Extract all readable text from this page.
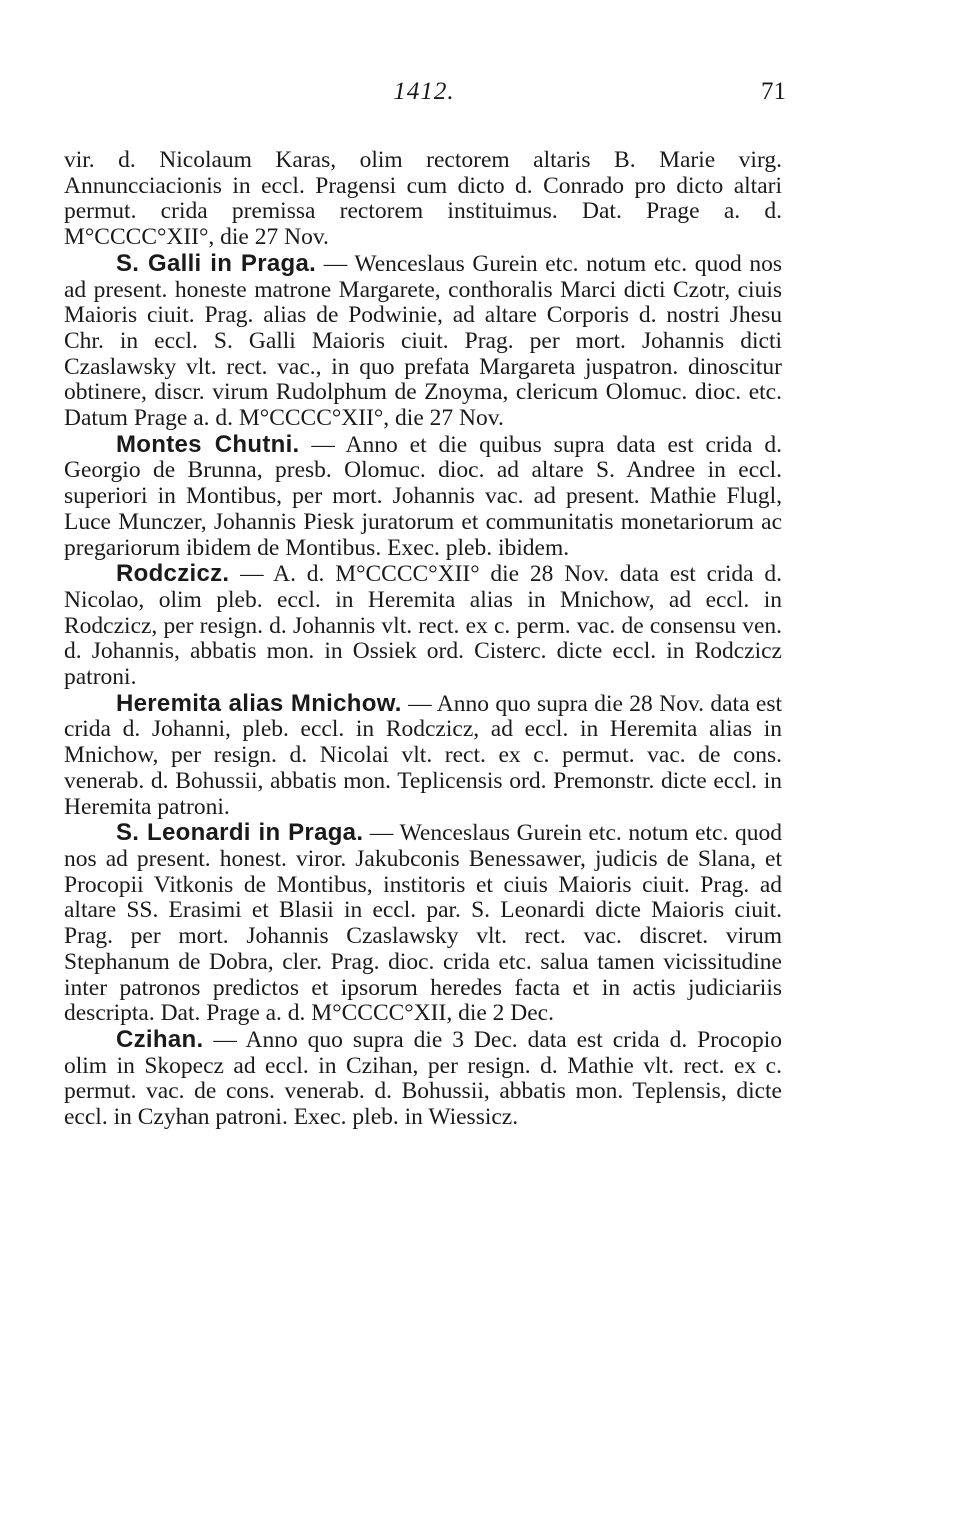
1412.	71

vir. d. Nicolaum Karas, olim rectorem altaris B. Marie virg. Annuncciacionis in eccl. Pragensi cum dicto d. Conrado pro dicto altari permut. crida premissa rectorem instituimus. Dat. Prage a. d. M°CCCC°XII°, die 27 Nov.

S. Galli in Praga. — Wenceslaus Gurein etc. notum etc. quod nos ad present. honeste matrone Margarete, conthoralis Marci dicti Czotr, ciuis Maioris ciuit. Prag. alias de Podwinie, ad altare Corporis d. nostri Jhesu Chr. in eccl. S. Galli Maioris ciuit. Prag. per mort. Johannis dicti Czaslawsky vlt. rect. vac., in quo prefata Margareta juspatron. dinoscitur obtinere, discr. virum Rudolphum de Znoyma, clericum Olomuc. dioc. etc. Datum Prage a. d. M°CCCC°XII°, die 27 Nov.

Montes Chutni. — Anno et die quibus supra data est crida d. Georgio de Brunna, presb. Olomuc. dioc. ad altare S. Andree in eccl. superiori in Montibus, per mort. Johannis vac. ad present. Mathie Flugl, Luce Munczer, Johannis Piesk juratorum et communitatis monetariorum ac pregariorum ibidem de Montibus. Exec. pleb. ibidem.

Rodczicz. — A. d. M°CCCC°XII° die 28 Nov. data est crida d. Nicolao, olim pleb. eccl. in Heremita alias in Mnichow, ad eccl. in Rodczicz, per resign. d. Johannis vlt. rect. ex c. perm. vac. de consensu ven. d. Johannis, abbatis mon. in Ossiek ord. Cisterc. dicte eccl. in Rodczicz patroni.

Heremita alias Mnichow. — Anno quo supra die 28 Nov. data est crida d. Johanni, pleb. eccl. in Rodczicz, ad eccl. in Heremita alias in Mnichow, per resign. d. Nicolai vlt. rect. ex c. permut. vac. de cons. venerab. d. Bohussii, abbatis mon. Teplicensis ord. Premonstr. dicte eccl. in Heremita patroni.

S. Leonardi in Praga. — Wenceslaus Gurein etc. notum etc. quod nos ad present. honest. viror. Jakubconis Benessawer, judicis de Slana, et Procopii Vitkonis de Montibus, institoris et ciuis Maioris ciuit. Prag. ad altare SS. Erasimi et Blasii in eccl. par. S. Leonardi dicte Maioris ciuit. Prag. per mort. Johannis Czaslawsky vlt. rect. vac. discret. virum Stephanum de Dobra, cler. Prag. dioc. crida etc. salua tamen vicissitudine inter patronos predictos et ipsorum heredes facta et in actis judiciariis descripta. Dat. Prage a. d. M°CCCC°XII, die 2 Dec.

Czihan. — Anno quo supra die 3 Dec. data est crida d. Procopio olim in Skopecz ad eccl. in Czihan, per resign. d. Mathie vlt. rect. ex c. permut. vac. de cons. venerab. d. Bohussii, abbatis mon. Teplensis, dicte eccl. in Czyhan patroni. Exec. pleb. in Wiessicz.
